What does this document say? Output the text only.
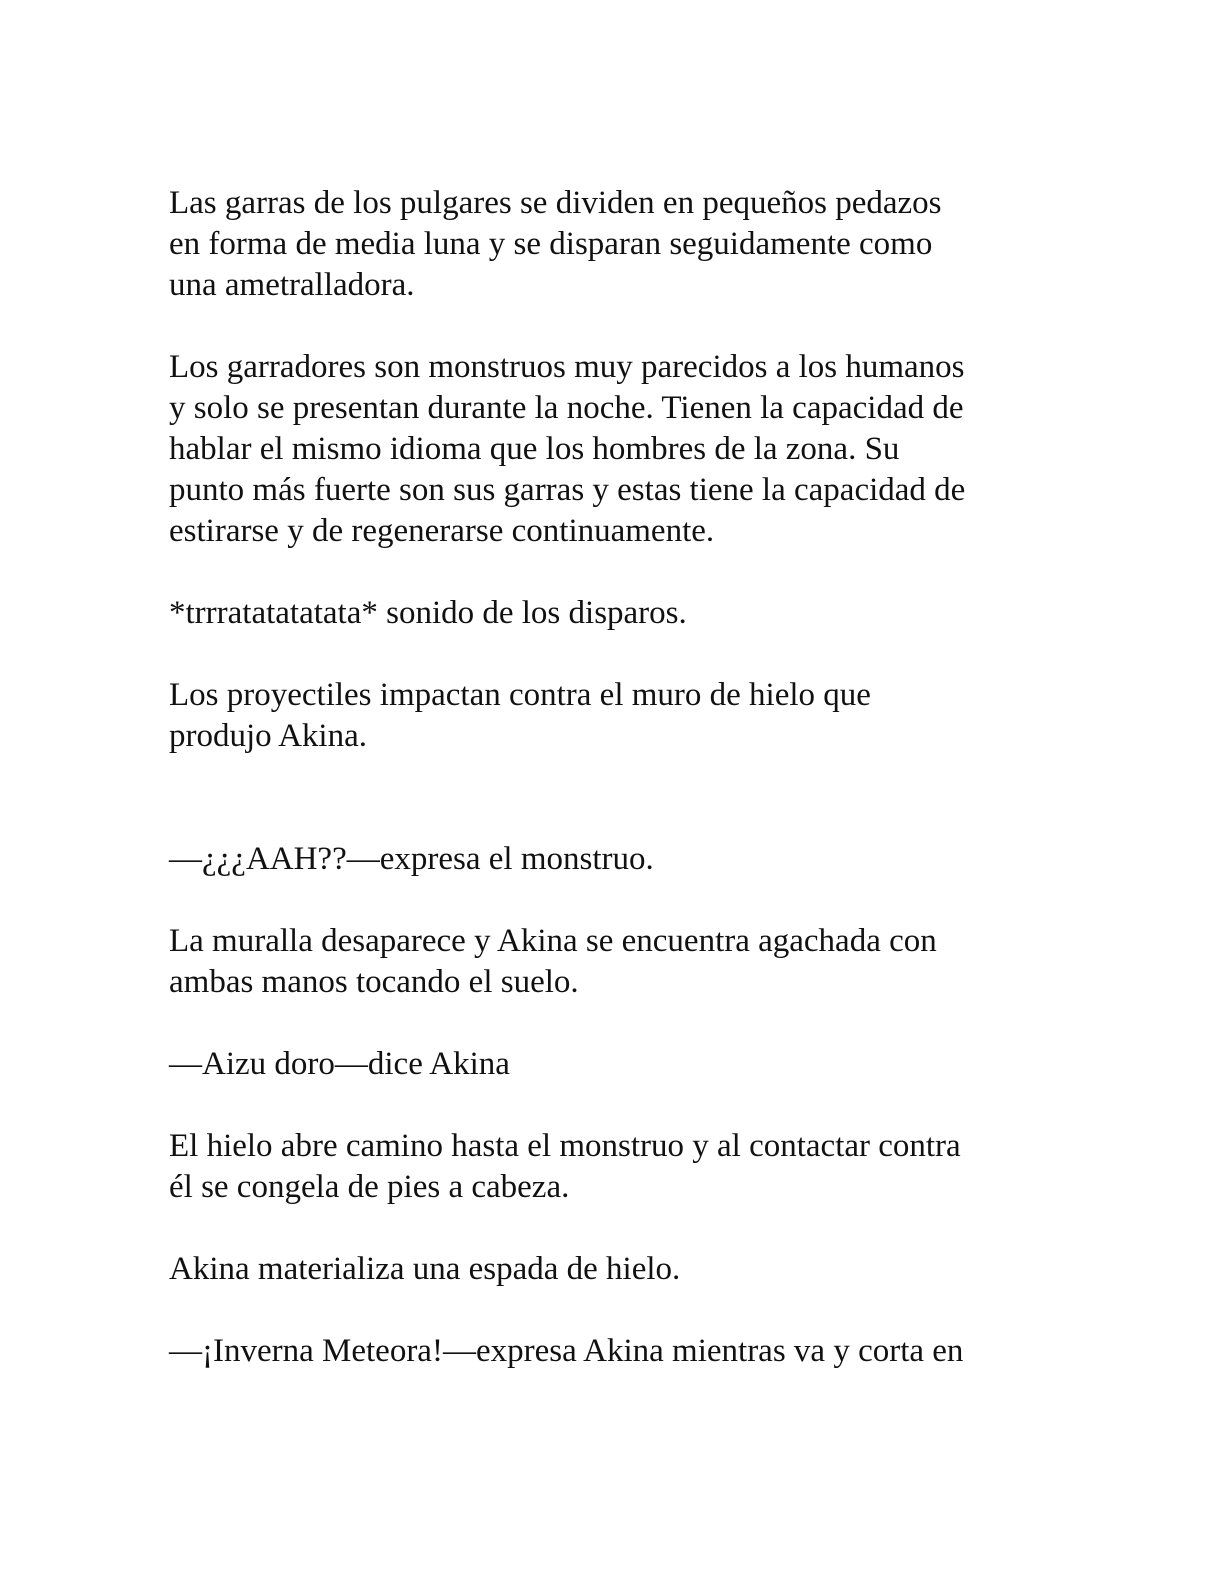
Las garras de los pulgares se dividen en pequeños pedazos

en forma de media luna y se disparan seguidamente como

una ametralladora.

Los garradores son monstruos muy parecidos a los humanos

y solo se presentan durante la noche. Tienen la capacidad de

hablar el mismo idioma que los hombres de la zona. Su

punto más fuerte son sus garras y estas tiene la capacidad de

estirarse y de regenerarse continuamente.

*trrratatatatata* sonido de los disparos.

Los proyectiles impactan contra el muro de hielo que

produjo Akina.

—¿¿¿AAH??—expresa el monstruo.

La muralla desaparece y Akina se encuentra agachada con

ambas manos tocando el suelo.

—Aizu doro—dice Akina

El hielo abre camino hasta el monstruo y al contactar contra

él se congela de pies a cabeza.

Akina materializa una espada de hielo.

—¡Inverna Meteora!—expresa Akina mientras va y corta en
